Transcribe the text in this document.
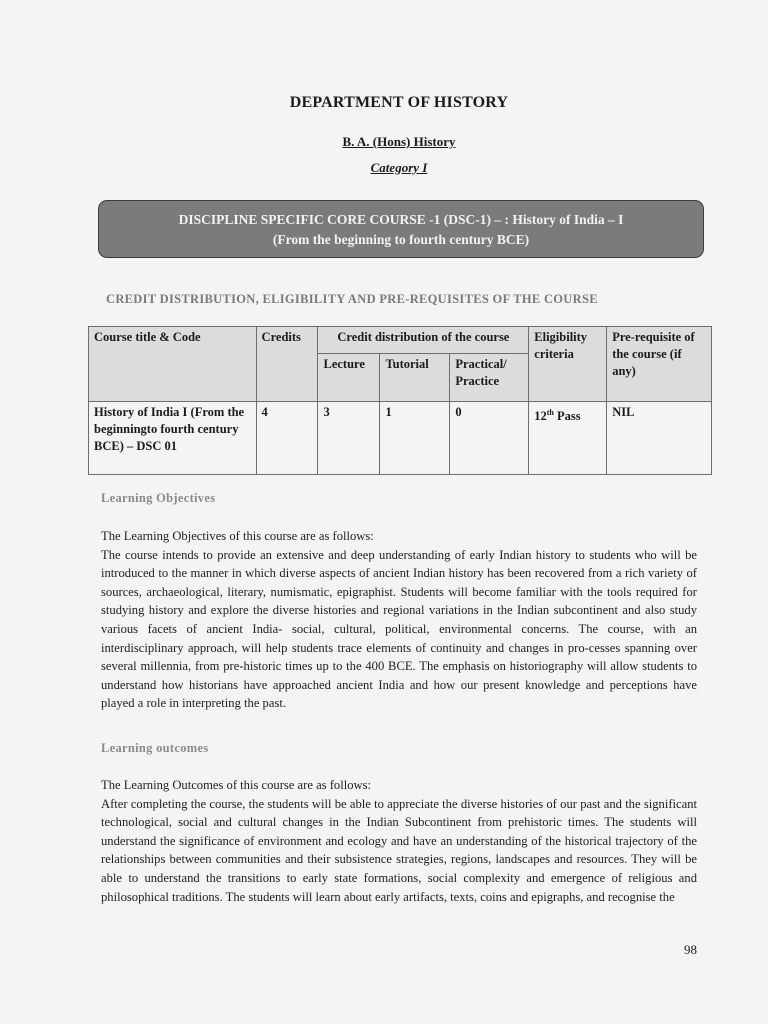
DEPARTMENT OF HISTORY
B. A. (Hons) History
Category I
DISCIPLINE SPECIFIC CORE COURSE -1 (DSC-1) – : History of India – I
(From the beginning to fourth century BCE)
CREDIT DISTRIBUTION, ELIGIBILITY AND PRE-REQUISITES OF THE COURSE
Course title & Code	Credits	Credit distribution of the course			Eligibility criteria	Pre-requisite of the course (if any)
		Lecture	Tutorial	Practical/ Practice		
History of India I (From the beginningto fourth century BCE) – DSC 01	4	3	1	0	12th Pass	NIL
Learning Objectives

The Learning Objectives of this course are as follows:

The course intends to provide an extensive and deep understanding of early Indian history to students who will be introduced to the manner in which diverse aspects of ancient Indian history has been recovered from a rich variety of sources, archaeological, literary, numismatic, epigraphist. Students will become familiar with the tools required for studying history and explore the diverse histories and regional variations in the Indian subcontinent and also study various facets of ancient India- social, cultural, political, environmental concerns. The course, with an interdisciplinary approach, will help students trace elements of continuity and changes in pro-cesses spanning over several millennia, from pre-historic times up to the 400 BCE. The emphasis on historiography will allow students to understand how historians have approached ancient India and how our present knowledge and perceptions have played a role in interpreting the past.

Learning outcomes

The Learning Outcomes of this course are as follows:

After completing the course, the students will be able to appreciate the diverse histories of our past and the significant technological, social and cultural changes in the Indian Subcontinent from prehistoric times. The students will understand the significance of environment and ecology and have an understanding of the historical trajectory of the relationships between communities and their subsistence strategies, regions, landscapes and resources. They will be able to understand the transitions to early state formations, social complexity and emergence of religious and philosophical traditions. The students will learn about early artifacts, texts, coins and epigraphs, and recognise the

98
